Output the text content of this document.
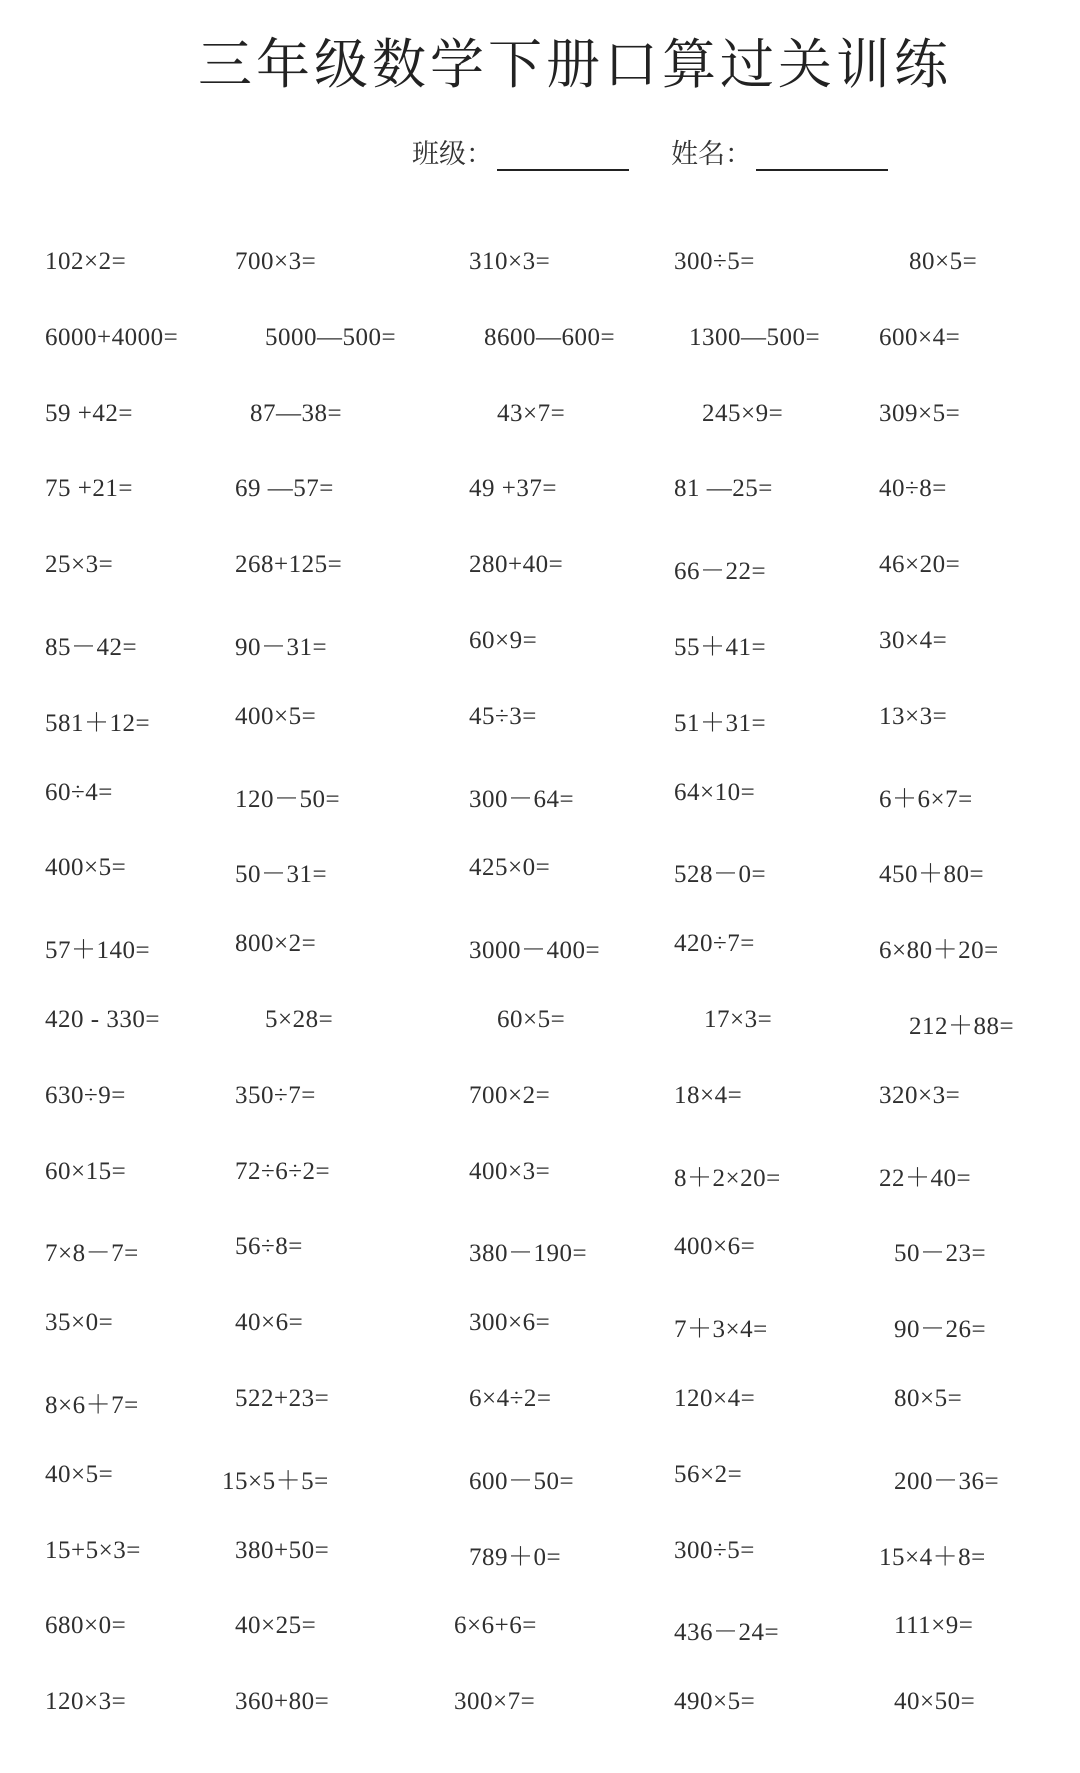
三年级数学下册口算过关训练
班级：	姓名：
102×2=	700×3=	310×3=	300÷5=	80×5=
6000+4000=	5000—500=	8600—600=	1300—500= 600×4=
59 +42=	87—38=	43×7=	245×9=	309×5=
75 +21=	69 —57=	49 +37=	81 —25=	40÷8=
25×3=	268+125=	280+40=	66－22=	46×20=
85－42=	90－31=	60×9=	55＋41=	30×4=
581＋12=	400×5=	45÷3=	51＋31=	13×3=
60÷4=	120－50=	300－64=	64×10=	6＋6×7=
400×5=	50－31=	425×0=	528－0=	450＋80=
57＋140=	800×2=	3000－400=	420÷7=	6×80＋20=
420 - 330=	5×28=	60×5=	17×3=	212＋88=
630÷9=	350÷7=	700×2=	18×4=	320×3=
60×15=	72÷6÷2=	400×3=	8＋2×20=	22＋40=
7×8－7=	56÷8=	380－190=	400×6=	50－23=
35×0=	40×6=	300×6=	7＋3×4=	90－26=
8×6＋7=	522+23=	6×4÷2=	120×4=	80×5=
40×5=	15×5＋5=	600－50=	56×2=	200－36=
15+5×3=	380+50=	789＋0=	300÷5=	15×4＋8=
680×0=	40×25=	6×6+6=	436－24=	111×9=
120×3=	360+80=	300×7=	490×5=	40×50=
